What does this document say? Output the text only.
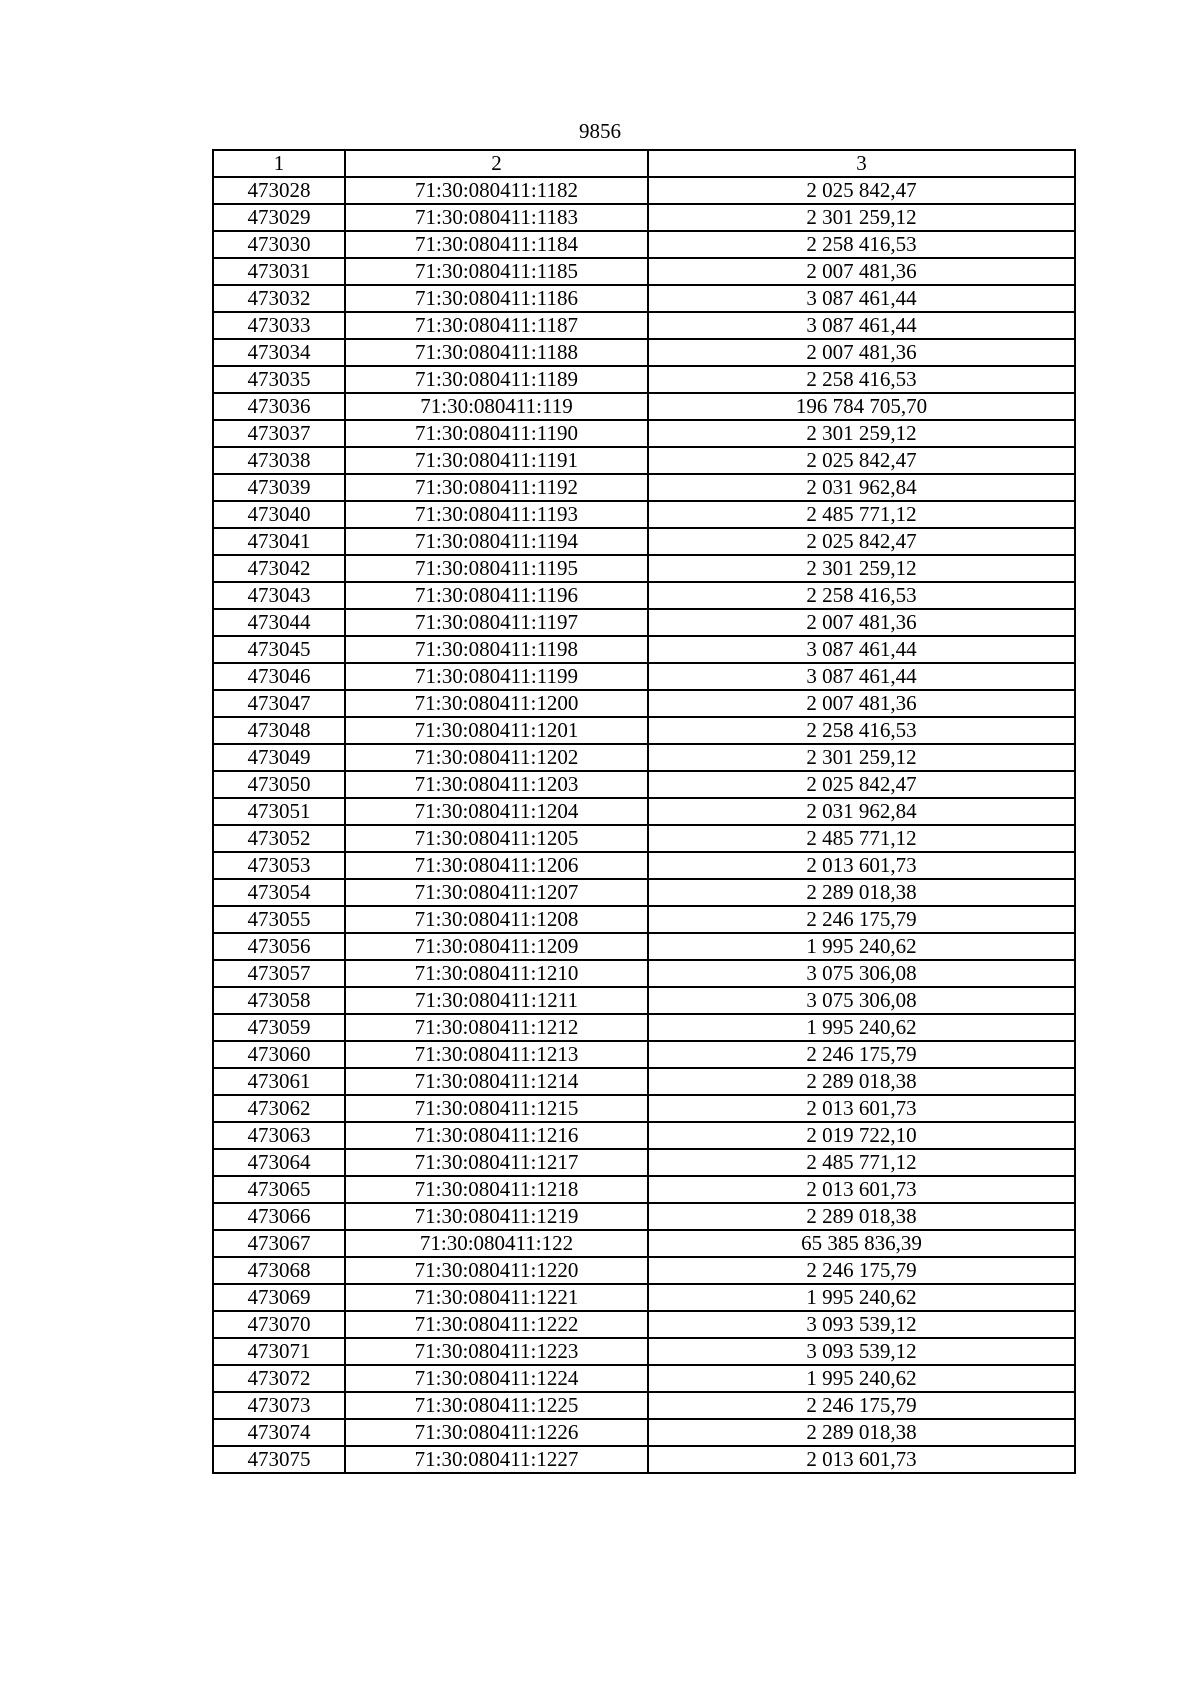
9856
1	2	3
473028	71:30:080411:1182	2 025 842,47
473029	71:30:080411:1183	2 301 259,12
473030	71:30:080411:1184	2 258 416,53
473031	71:30:080411:1185	2 007 481,36
473032	71:30:080411:1186	3 087 461,44
473033	71:30:080411:1187	3 087 461,44
473034	71:30:080411:1188	2 007 481,36
473035	71:30:080411:1189	2 258 416,53
473036	71:30:080411:119	196 784 705,70
473037	71:30:080411:1190	2 301 259,12
473038	71:30:080411:1191	2 025 842,47
473039	71:30:080411:1192	2 031 962,84
473040	71:30:080411:1193	2 485 771,12
473041	71:30:080411:1194	2 025 842,47
473042	71:30:080411:1195	2 301 259,12
473043	71:30:080411:1196	2 258 416,53
473044	71:30:080411:1197	2 007 481,36
473045	71:30:080411:1198	3 087 461,44
473046	71:30:080411:1199	3 087 461,44
473047	71:30:080411:1200	2 007 481,36
473048	71:30:080411:1201	2 258 416,53
473049	71:30:080411:1202	2 301 259,12
473050	71:30:080411:1203	2 025 842,47
473051	71:30:080411:1204	2 031 962,84
473052	71:30:080411:1205	2 485 771,12
473053	71:30:080411:1206	2 013 601,73
473054	71:30:080411:1207	2 289 018,38
473055	71:30:080411:1208	2 246 175,79
473056	71:30:080411:1209	1 995 240,62
473057	71:30:080411:1210	3 075 306,08
473058	71:30:080411:1211	3 075 306,08
473059	71:30:080411:1212	1 995 240,62
473060	71:30:080411:1213	2 246 175,79
473061	71:30:080411:1214	2 289 018,38
473062	71:30:080411:1215	2 013 601,73
473063	71:30:080411:1216	2 019 722,10
473064	71:30:080411:1217	2 485 771,12
473065	71:30:080411:1218	2 013 601,73
473066	71:30:080411:1219	2 289 018,38
473067	71:30:080411:122	65 385 836,39
473068	71:30:080411:1220	2 246 175,79
473069	71:30:080411:1221	1 995 240,62
473070	71:30:080411:1222	3 093 539,12
473071	71:30:080411:1223	3 093 539,12
473072	71:30:080411:1224	1 995 240,62
473073	71:30:080411:1225	2 246 175,79
473074	71:30:080411:1226	2 289 018,38
473075	71:30:080411:1227	2 013 601,73
